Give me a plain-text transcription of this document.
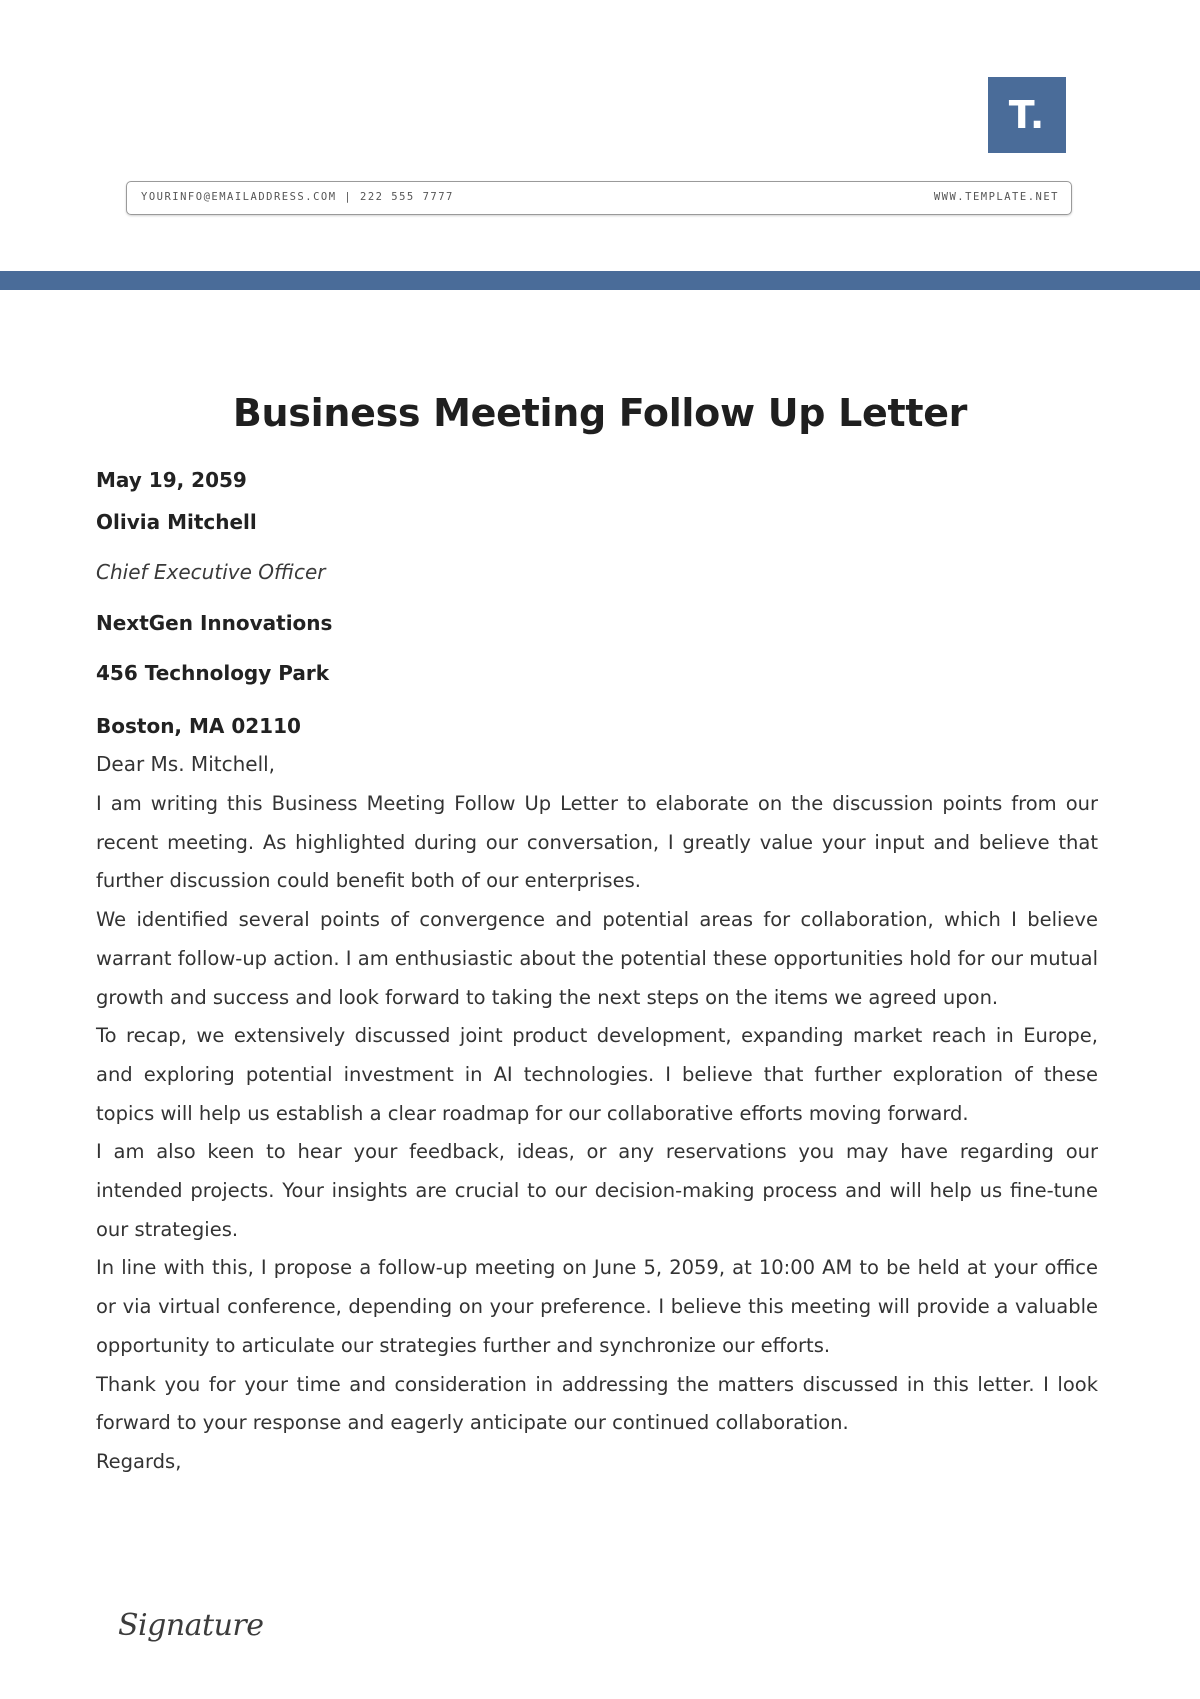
T.
YOURINFO@EMAILADDRESS.COM | 222 555 7777	WWW.TEMPLATE.NET
Business Meeting Follow Up Letter
May 19, 2059
Olivia Mitchell
Chief Executive Officer
NextGen Innovations
456 Technology Park
Boston, MA 02110
Dear Ms. Mitchell,

I am writing this Business Meeting Follow Up Letter to elaborate on the discussion points from our recent meeting. As highlighted during our conversation, I greatly value your input and believe that further discussion could benefit both of our enterprises.

We identified several points of convergence and potential areas for collaboration, which I believe warrant follow-up action. I am enthusiastic about the potential these opportunities hold for our mutual growth and success and look forward to taking the next steps on the items we agreed upon.

To recap, we extensively discussed joint product development, expanding market reach in Europe, and exploring potential investment in AI technologies. I believe that further exploration of these topics will help us establish a clear roadmap for our collaborative efforts moving forward.

I am also keen to hear your feedback, ideas, or any reservations you may have regarding our intended projects. Your insights are crucial to our decision-making process and will help us fine-tune our strategies.

In line with this, I propose a follow-up meeting on June 5, 2059, at 10:00 AM to be held at your office or via virtual conference, depending on your preference. I believe this meeting will provide a valuable opportunity to articulate our strategies further and synchronize our efforts.

Thank you for your time and consideration in addressing the matters discussed in this letter. I look forward to your response and eagerly anticipate our continued collaboration.

Regards,

Signature
